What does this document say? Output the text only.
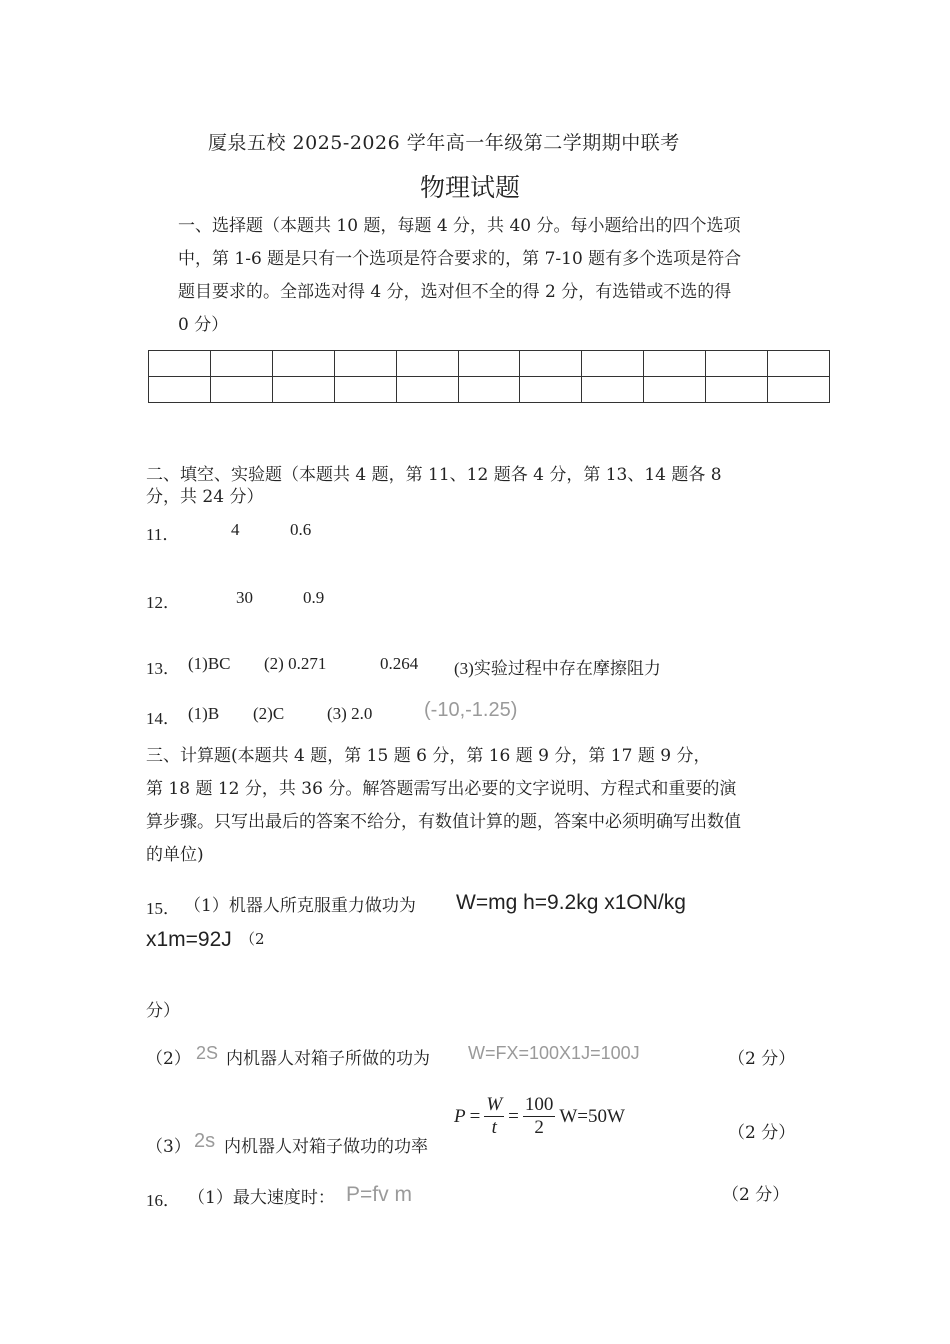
厦泉五校 2025-2026 学年高一年级第二学期期中联考
物理试题
一、选择题（本题共 10 题，每题 4 分，共 40 分。每小题给出的四个选项
中，第 1-6 题是只有一个选项是符合要求的，第 7-10 题有多个选项是符合
题目要求的。全部选对得 4 分，选对但不全的得 2 分，有选错或不选的得
0 分）

二、填空、实验题（本题共 4 题，第 11、12 题各 4 分，第 13、14 题各 8
分，共 24 分）
11．	4	0.6
12．	30	0.9
13． (1)BC (2) 0.271	0.264 (3)实验过程中存在摩擦阻力
14． (1)B (2)C	(3) 2.0	(-10,-1.25)
三、计算题(本题共 4 题，第 15 题 6 分，第 16 题 9 分，第 17 题 9 分，
第 18 题 12 分，共 36 分。解答题需写出必要的文字说明、方程式和重要的演
算步骤。只写出最后的答案不给分，有数值计算的题，答案中必须明确写出数值
的单位)
15． （1）机器人所克服重力做功为 W=mg h=9.2kg x1ON/kg
x1m=92J （2
分）
（2） 2S 内机器人对箱子所做的功为 W=FX=100X1J=100J	（2 分）
$P = \frac{W}{t} = \frac{100}{2} W=50W$
（2 分）
（3） 2s 内机器人对箱子做功的功率
16． （1）最大速度时： P=fv m	（2 分）
